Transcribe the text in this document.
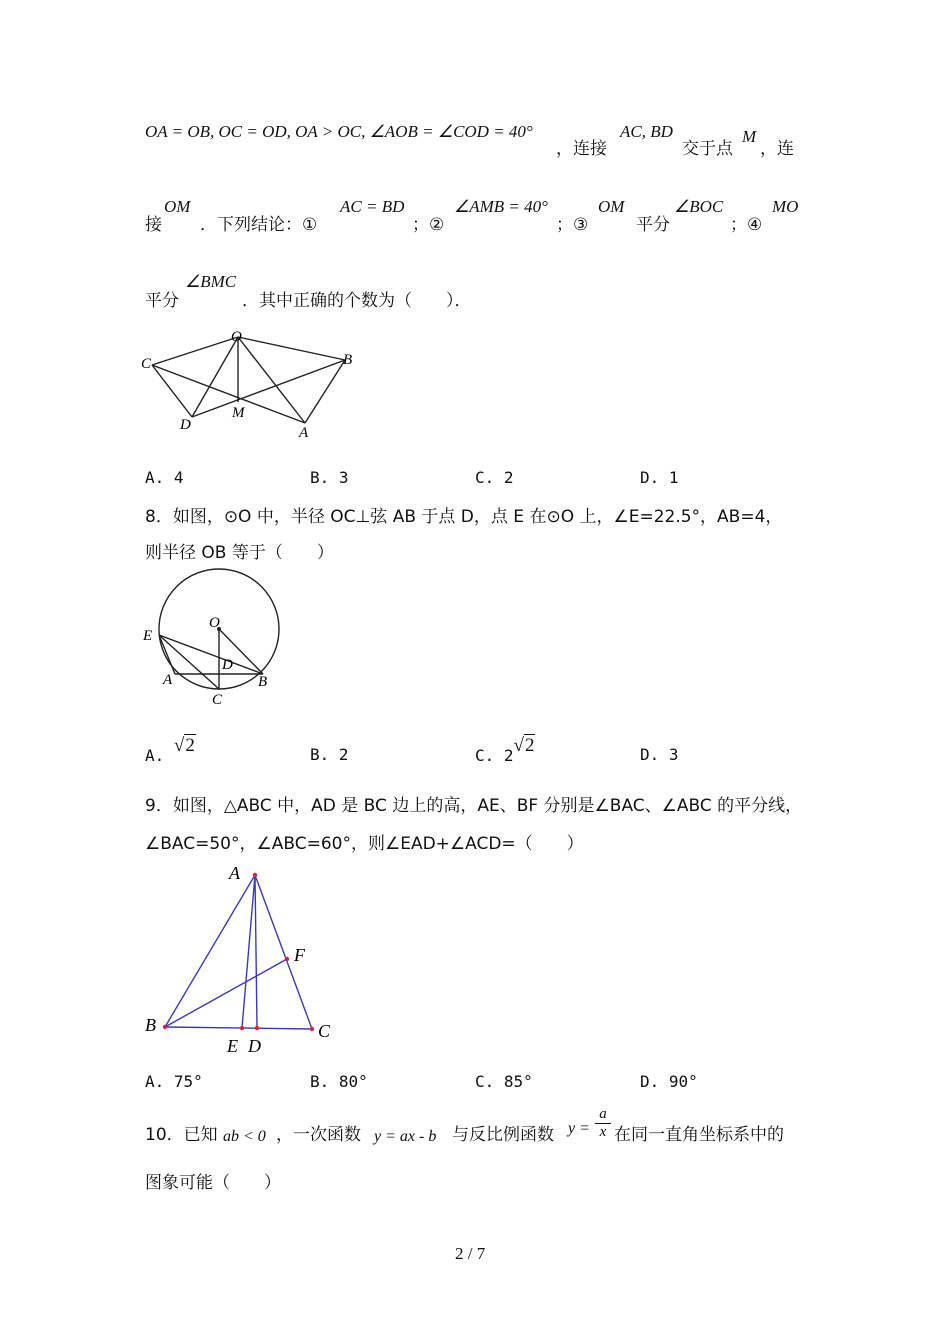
OA = OB, OC = OD, OA > OC, ∠AOB = ∠COD = 40°
，连接
AC, BD
交于点
M
，连
接
OM
．下列结论：①
AC = BD
；②
∠AMB = 40°
；③
OM
平分
∠BOC
；④
MO
平分
∠BMC
．其中正确的个数为（　　）．
O
C	B
D
M
A
A. 4	B. 3	C. 2	D. 1
8．如图，⊙O 中，半径 OC⊥弦 AB 于点 D，点 E 在⊙O 上，∠E=22.5°，AB=4，
则半径 OB 等于（　　）
O
E
D
A	B
C
A. √2	B. 2	C. 2√2	D. 3
9．如图，△ABC 中，AD 是 BC 边上的高，AE、BF 分别是∠BAC、∠ABC 的平分线，
∠BAC=50°，∠ABC=60°，则∠EAD+∠ACD=（　　）
A
F
B
E D
C
A. 75°	B. 80°	C. 85°	D. 90°
10．已知 ab < 0 ，一次函数 y = ax - b 与反比例函数 $y = \frac{a}{x}$ 在同一直角坐标系中的
图象可能（　　）
2 / 7
